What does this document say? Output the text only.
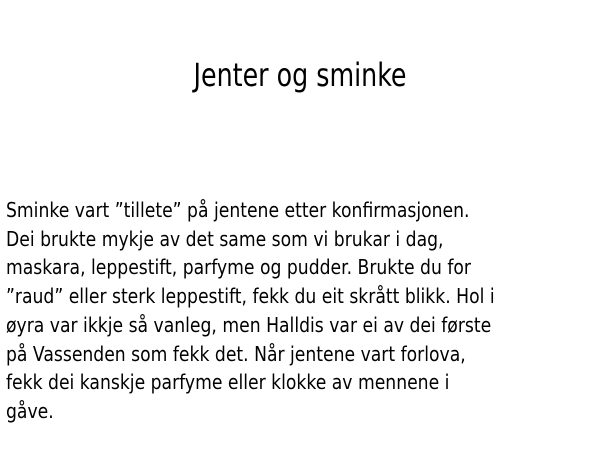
Jenter og sminke
Sminke vart ”tillete” på jentene etter konfirmasjonen.
Dei brukte mykje av det same som vi brukar i dag,
maskara, leppestift, parfyme og pudder. Brukte du for
”raud” eller sterk leppestift, fekk du eit skrått blikk. Hol i
øyra var ikkje så vanleg, men Halldis var ei av dei første
på Vassenden som fekk det. Når jentene vart forlova,
fekk dei kanskje parfyme eller klokke av mennene i
gåve.
